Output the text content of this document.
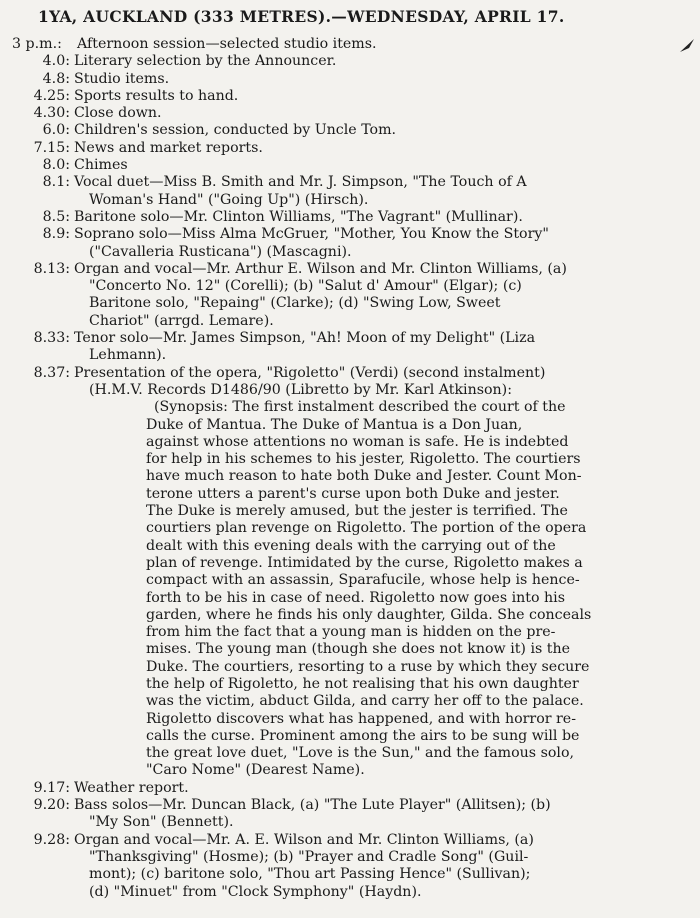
1YA, AUCKLAND (333 METRES).—WEDNESDAY, APRIL 17.
3 p.m.:	Afternoon session—selected studio items.
4.0: Literary selection by the Announcer.
4.8: Studio items.
4.25: Sports results to hand.
4.30: Close down.
6.0: Children's session, conducted by Uncle Tom.
7.15: News and market reports.
8.0: Chimes
8.1: Vocal duet—Miss B. Smith and Mr. J. Simpson, "The Touch of A
Woman's Hand" ("Going Up") (Hirsch).
8.5: Baritone solo—Mr. Clinton Williams, "The Vagrant" (Mullinar).
8.9: Soprano solo—Miss Alma McGruer, "Mother, You Know the Story"
("Cavalleria Rusticana") (Mascagni).
8.13: Organ and vocal—Mr. Arthur E. Wilson and Mr. Clinton Williams, (a)
"Concerto No. 12" (Corelli); (b) "Salut d' Amour" (Elgar); (c)
Baritone solo, "Repaing" (Clarke); (d) "Swing Low, Sweet
Chariot" (arrgd. Lemare).
8.33: Tenor solo—Mr. James Simpson, "Ah! Moon of my Delight" (Liza
Lehmann).
8.37: Presentation of the opera, "Rigoletto" (Verdi) (second instalment)
(H.M.V. Records D1486/90 (Libretto by Mr. Karl Atkinson):
(Synopsis: The first instalment described the court of the
Duke of Mantua. The Duke of Mantua is a Don Juan,
against whose attentions no woman is safe. He is indebted
for help in his schemes to his jester, Rigoletto. The courtiers
have much reason to hate both Duke and Jester. Count Mon-
terone utters a parent's curse upon both Duke and jester.
The Duke is merely amused, but the jester is terrified. The
courtiers plan revenge on Rigoletto. The portion of the opera
dealt with this evening deals with the carrying out of the
plan of revenge. Intimidated by the curse, Rigoletto makes a
compact with an assassin, Sparafucile, whose help is hence-
forth to be his in case of need. Rigoletto now goes into his
garden, where he finds his only daughter, Gilda. She conceals
from him the fact that a young man is hidden on the pre-
mises. The young man (though she does not know it) is the
Duke. The courtiers, resorting to a ruse by which they secure
the help of Rigoletto, he not realising that his own daughter
was the victim, abduct Gilda, and carry her off to the palace.
Rigoletto discovers what has happened, and with horror re-
calls the curse. Prominent among the airs to be sung will be
the great love duet, "Love is the Sun," and the famous solo,
"Caro Nome" (Dearest Name).
9.17: Weather report.
9.20: Bass solos—Mr. Duncan Black, (a) "The Lute Player" (Allitsen); (b)
"My Son" (Bennett).
9.28: Organ and vocal—Mr. A. E. Wilson and Mr. Clinton Williams, (a)
"Thanksgiving" (Hosme); (b) "Prayer and Cradle Song" (Guil-
mont); (c) baritone solo, "Thou art Passing Hence" (Sullivan);
(d) "Minuet" from "Clock Symphony" (Haydn).
